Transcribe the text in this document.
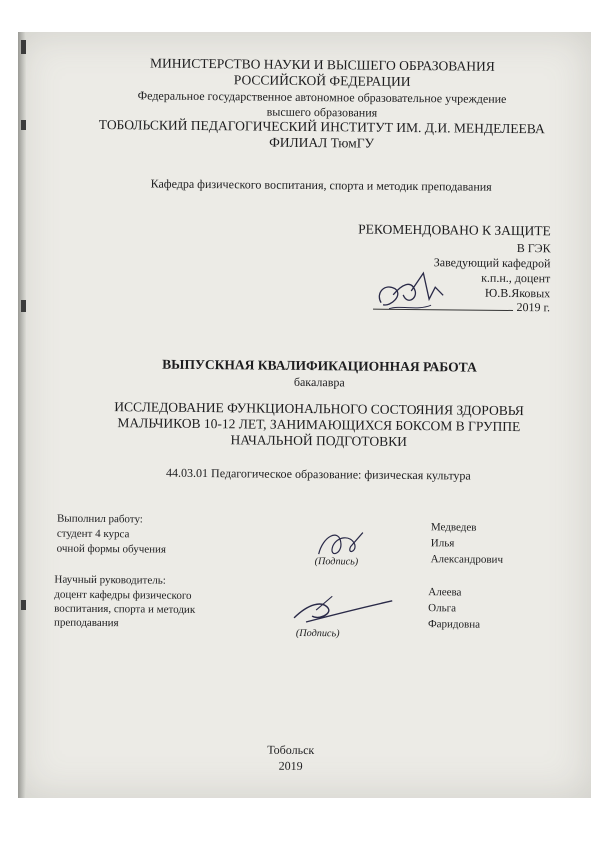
МИНИСТЕРСТВО НАУКИ И ВЫСШЕГО ОБРАЗОВАНИЯ
РОССИЙСКОЙ ФЕДЕРАЦИИ
Федеральное государственное автономное образовательное учреждение
высшего образования
ТОБОЛЬСКИЙ ПЕДАГОГИЧЕСКИЙ ИНСТИТУТ ИМ. Д.И. МЕНДЕЛЕЕВА
ФИЛИАЛ ТюмГУ
Кафедра физического воспитания, спорта и методик преподавания
РЕКОМЕНДОВАНО К ЗАЩИТЕ
В ГЭК
Заведующий кафедрой
к.п.н., доцент
Ю.В.Яковых
2019 г.
ВЫПУСКНАЯ КВАЛИФИКАЦИОННАЯ РАБОТА
бакалавра
ИССЛЕДОВАНИЕ ФУНКЦИОНАЛЬНОГО СОСТОЯНИЯ ЗДОРОВЬЯ
МАЛЬЧИКОВ 10-12 ЛЕТ, ЗАНИМАЮЩИХСЯ БОКСОМ В ГРУППЕ
НАЧАЛЬНОЙ ПОДГОТОВКИ
44.03.01 Педагогическое образование: физическая культура
Выполнил работу:
студент 4 курса
очной формы обучения
(Подпись)
Медведев
Илья
Александрович
Научный руководитель:
доцент кафедры физического
воспитания, спорта и методик
преподавания
(Подпись)
Алеева
Ольга
Фаридовна
Тобольск
2019
